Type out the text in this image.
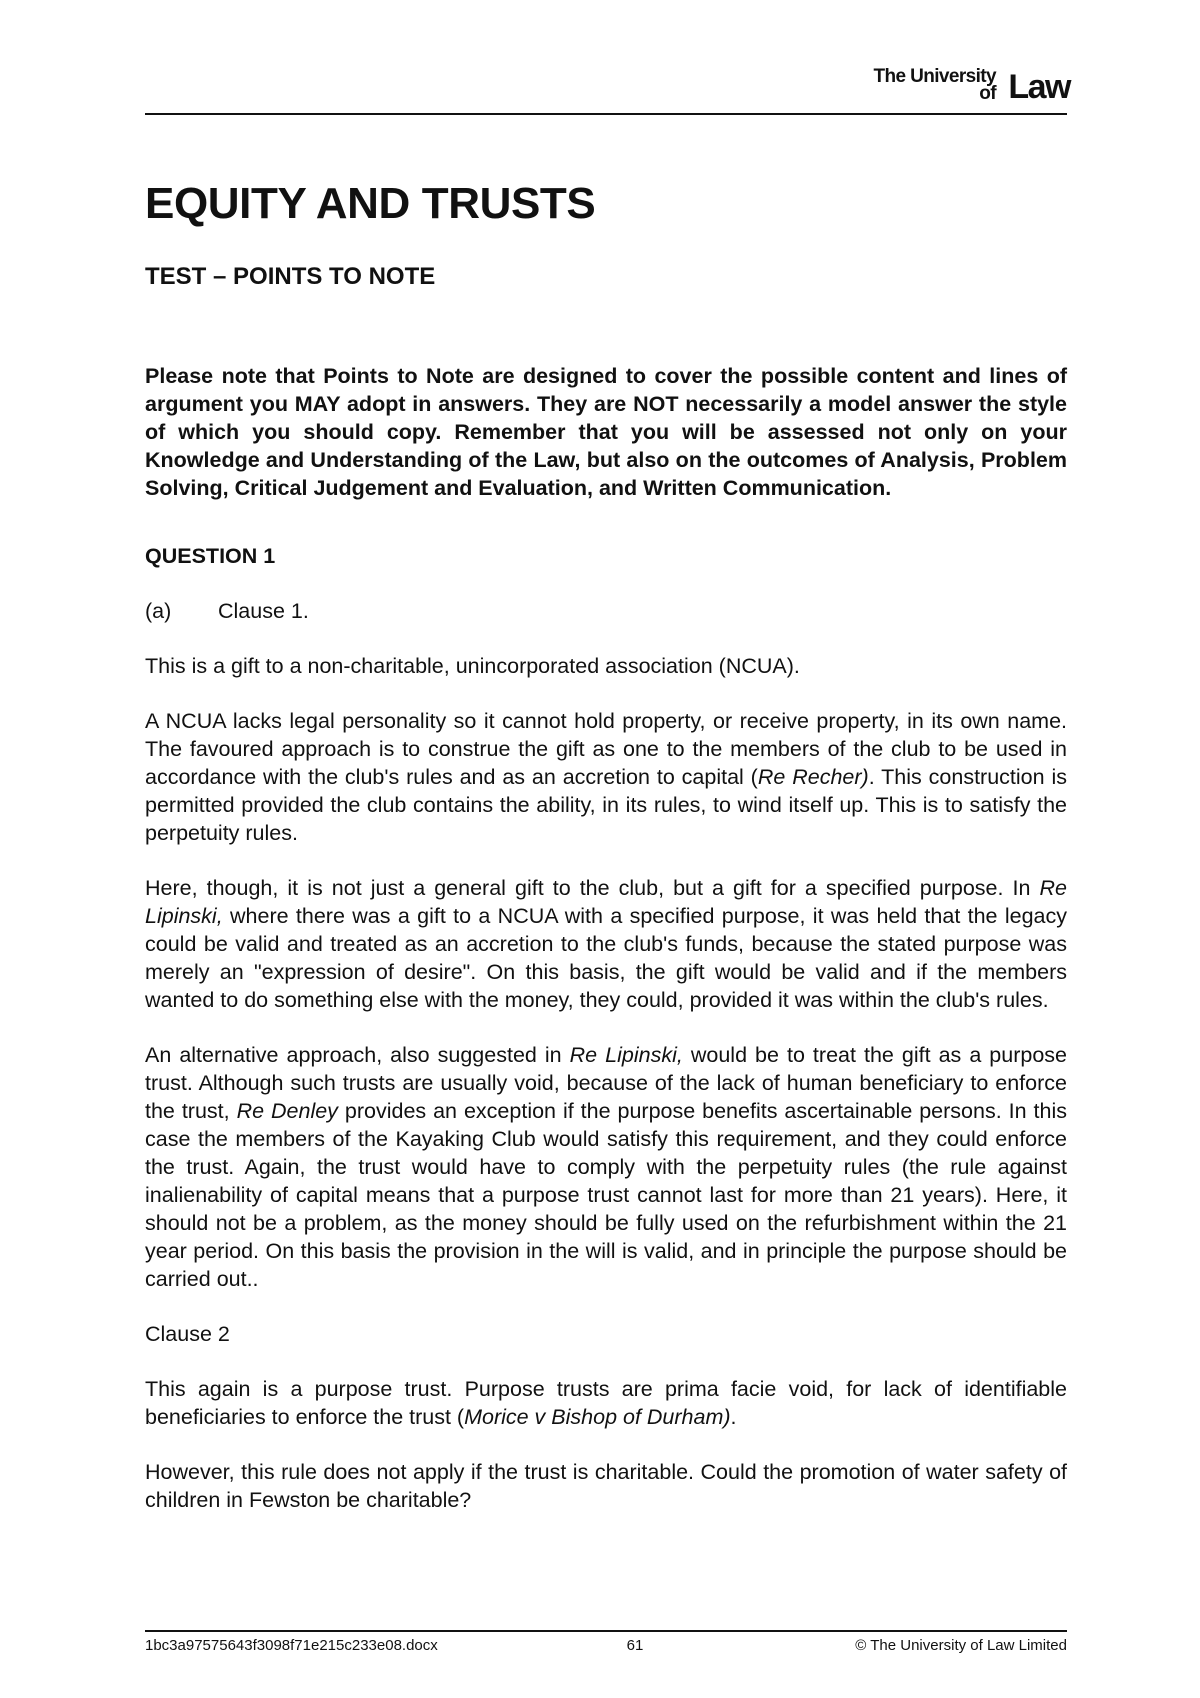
The University
of Law
EQUITY AND TRUSTS
TEST – POINTS TO NOTE

Please note that Points to Note are designed to cover the possible content and lines of argument you MAY adopt in answers. They are NOT necessarily a model answer the style of which you should copy. Remember that you will be assessed not only on your Knowledge and Understanding of the Law, but also on the outcomes of Analysis, Problem Solving, Critical Judgement and Evaluation, and Written Communication.

QUESTION 1

(a) Clause 1.

This is a gift to a non-charitable, unincorporated association (NCUA).

A NCUA lacks legal personality so it cannot hold property, or receive property, in its own name. The favoured approach is to construe the gift as one to the members of the club to be used in accordance with the club's rules and as an accretion to capital (Re Recher). This construction is permitted provided the club contains the ability, in its rules, to wind itself up. This is to satisfy the perpetuity rules.

Here, though, it is not just a general gift to the club, but a gift for a specified purpose. In Re Lipinski, where there was a gift to a NCUA with a specified purpose, it was held that the legacy could be valid and treated as an accretion to the club's funds, because the stated purpose was merely an "expression of desire". On this basis, the gift would be valid and if the members wanted to do something else with the money, they could, provided it was within the club's rules.

An alternative approach, also suggested in Re Lipinski, would be to treat the gift as a purpose trust. Although such trusts are usually void, because of the lack of human beneficiary to enforce the trust, Re Denley provides an exception if the purpose benefits ascertainable persons. In this case the members of the Kayaking Club would satisfy this requirement, and they could enforce the trust. Again, the trust would have to comply with the perpetuity rules (the rule against inalienability of capital means that a purpose trust cannot last for more than 21 years). Here, it should not be a problem, as the money should be fully used on the refurbishment within the 21 year period. On this basis the provision in the will is valid, and in principle the purpose should be carried out..

Clause 2

This again is a purpose trust. Purpose trusts are prima facie void, for lack of identifiable beneficiaries to enforce the trust (Morice v Bishop of Durham).

However, this rule does not apply if the trust is charitable. Could the promotion of water safety of children in Fewston be charitable?

1bc3a97575643f3098f71e215c233e08.docx	61	© The University of Law Limited
